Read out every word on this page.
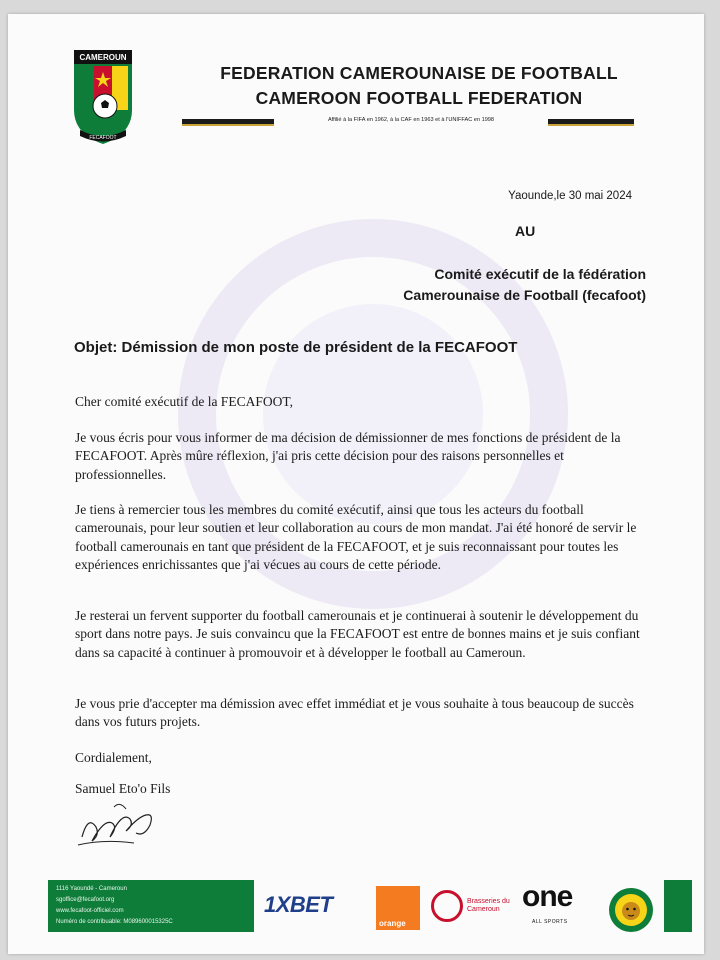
CAMEROUN
FECAFOOT
FEDERATION CAMEROUNAISE DE FOOTBALL
CAMEROON FOOTBALL FEDERATION
Affilié à la FIFA en 1962, à la CAF en 1963 et à l'UNIFFAC en 1998
Yaounde,le 30 mai 2024
AU
Comité exécutif de la fédération
Camerounaise de Football (fecafoot)
Objet: Démission de mon poste de président de la FECAFOOT
Cher comité exécutif de la FECAFOOT,
Je vous écris pour vous informer de ma décision de démissionner de mes fonctions de président de la FECAFOOT. Après mûre réflexion, j'ai pris cette décision pour des raisons personnelles et professionnelles.
Je tiens à remercier tous les membres du comité exécutif, ainsi que tous les acteurs du football camerounais, pour leur soutien et leur collaboration au cours de mon mandat. J'ai été honoré de servir le football camerounais en tant que président de la FECAFOOT, et je suis reconnaissant pour toutes les expériences enrichissantes que j'ai vécues au cours de cette période.
Je resterai un fervent supporter du football camerounais et je continuerai à soutenir le développement du sport dans notre pays. Je suis convaincu que la FECAFOOT est entre de bonnes mains et je suis confiant dans sa capacité à continuer à promouvoir et à développer le football au Cameroun.
Je vous prie d'accepter ma démission avec effet immédiat et je vous souhaite à tous beaucoup de succès dans vos futurs projets.
Cordialement,
Samuel Eto'o Fils
1116 Yaoundé - Cameroun
sgoffice@fecafoot.org
www.fecafoot-officiel.com
Numéro de contribuable: M089600015325C
1XBET
orange
Brasseries du Cameroun one
ALL SPORTS
